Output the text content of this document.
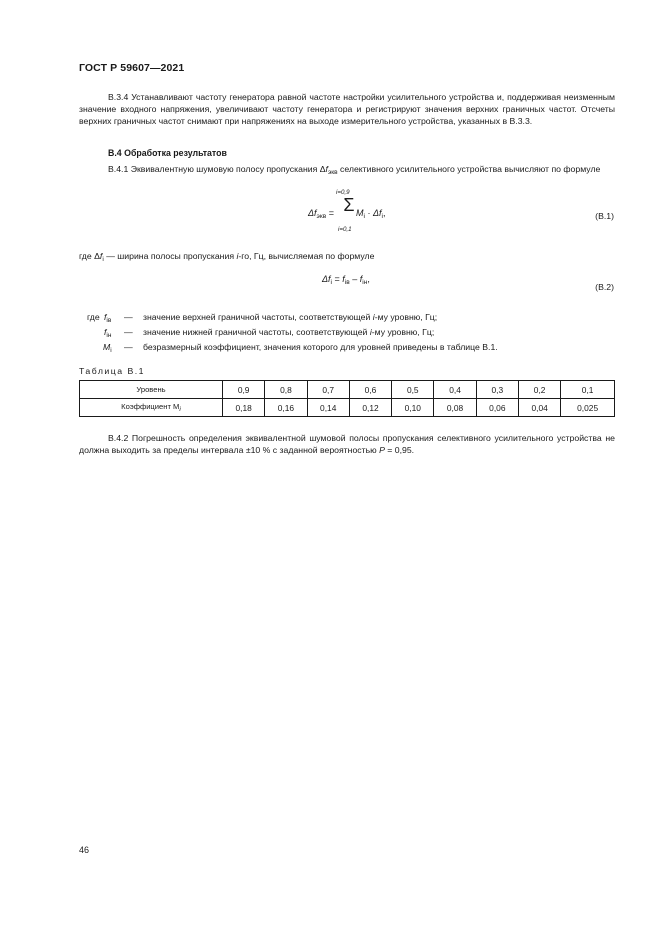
ГОСТ Р 59607—2021
В.3.4 Устанавливают частоту генератора равной частоте настройки усилительного устройства и, поддерживая неизменным значение входного напряжения, увеличивают частоту генератора и регистрируют значения верхних граничных частот. Отсчеты верхних граничных частот снимают при напряжениях на выходе измерительного устройства, указанных в В.3.3.
В.4 Обработка результатов
В.4.1 Эквивалентную шумовую полосу пропускания $\Delta f_{экв}$ селективного усилительного устройства вычисляют по формуле
$\Delta f_{экв}$ =
i=0,9
Σ
i=0,1
$M_i \cdot \Delta f_i$,	(В.1)
где $\Delta f_i$ — ширина полосы пропускания i-го, Гц, вычисляемая по формуле
$\Delta f_i = f_{iв} - f_{iн}$,
(В.2)
где $f_{iв}$ — значение верхней граничной частоты, соответствующей i-му уровню, Гц;
$f_{iн}$ — значение нижней граничной частоты, соответствующей i-му уровню, Гц;
$M_i$ — безразмерный коэффициент, значения которого для уровней приведены в таблице В.1.
Таблица В.1
Уровень	0,9	0,8	0,7	0,6	0,5	0,4	0,3	0,2	0,1
Коэффициент $M_i$	0,18	0,16	0,14	0,12	0,10	0,08	0,06	0,04	0,025
В.4.2 Погрешность определения эквивалентной шумовой полосы пропускания селективного усилительного устройства не должна выходить за пределы интервала ±10 % с заданной вероятностью P = 0,95.
46
